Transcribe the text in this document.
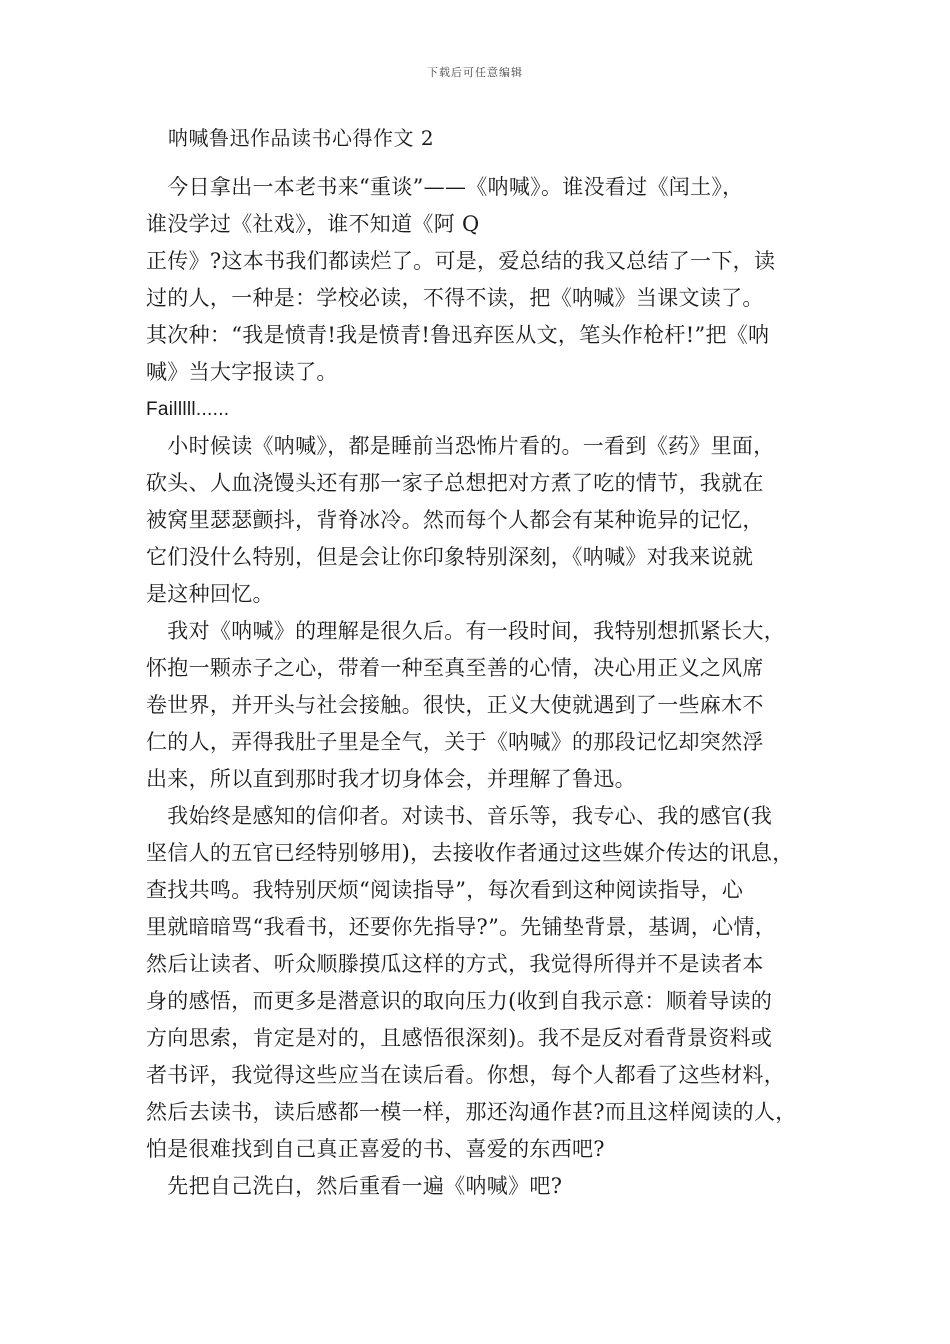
下载后可任意编辑
呐喊鲁迅作品读书心得作文 2
　今日拿出一本老书来“重谈”——《呐喊》。谁没看过《闰土》，
谁没学过《社戏》，谁不知道《阿 Q
正传》?这本书我们都读烂了。可是，爱总结的我又总结了一下，读
过的人，一种是：学校必读，不得不读，把《呐喊》当课文读了。
其次种：“我是愤青!我是愤青!鲁迅弃医从文，笔头作枪杆!”把《呐
喊》当大字报读了。
Failllll......
　小时候读《呐喊》，都是睡前当恐怖片看的。一看到《药》里面，
砍头、人血浇馒头还有那一家子总想把对方煮了吃的情节，我就在
被窝里瑟瑟颤抖，背脊冰冷。然而每个人都会有某种诡异的记忆，
它们没什么特别，但是会让你印象特别深刻，《呐喊》对我来说就
是这种回忆。
　我对《呐喊》的理解是很久后。有一段时间，我特别想抓紧长大，
怀抱一颗赤子之心，带着一种至真至善的心情，决心用正义之风席
卷世界，并开头与社会接触。很快，正义大使就遇到了一些麻木不
仁的人，弄得我肚子里是全气，关于《呐喊》的那段记忆却突然浮
出来，所以直到那时我才切身体会，并理解了鲁迅。
　我始终是感知的信仰者。对读书、音乐等，我专心、我的感官(我
坚信人的五官已经特别够用)，去接收作者通过这些媒介传达的讯息，
查找共鸣。我特别厌烦“阅读指导”，每次看到这种阅读指导，心
里就暗暗骂“我看书，还要你先指导?”。先铺垫背景，基调，心情，
然后让读者、听众顺滕摸瓜这样的方式，我觉得所得并不是读者本
身的感悟，而更多是潜意识的取向压力(收到自我示意：顺着导读的
方向思索，肯定是对的，且感悟很深刻)。我不是反对看背景资料或
者书评，我觉得这些应当在读后看。你想，每个人都看了这些材料，
然后去读书，读后感都一模一样，那还沟通作甚?而且这样阅读的人，
怕是很难找到自己真正喜爱的书、喜爱的东西吧?
　先把自己洗白，然后重看一遍《呐喊》吧?
